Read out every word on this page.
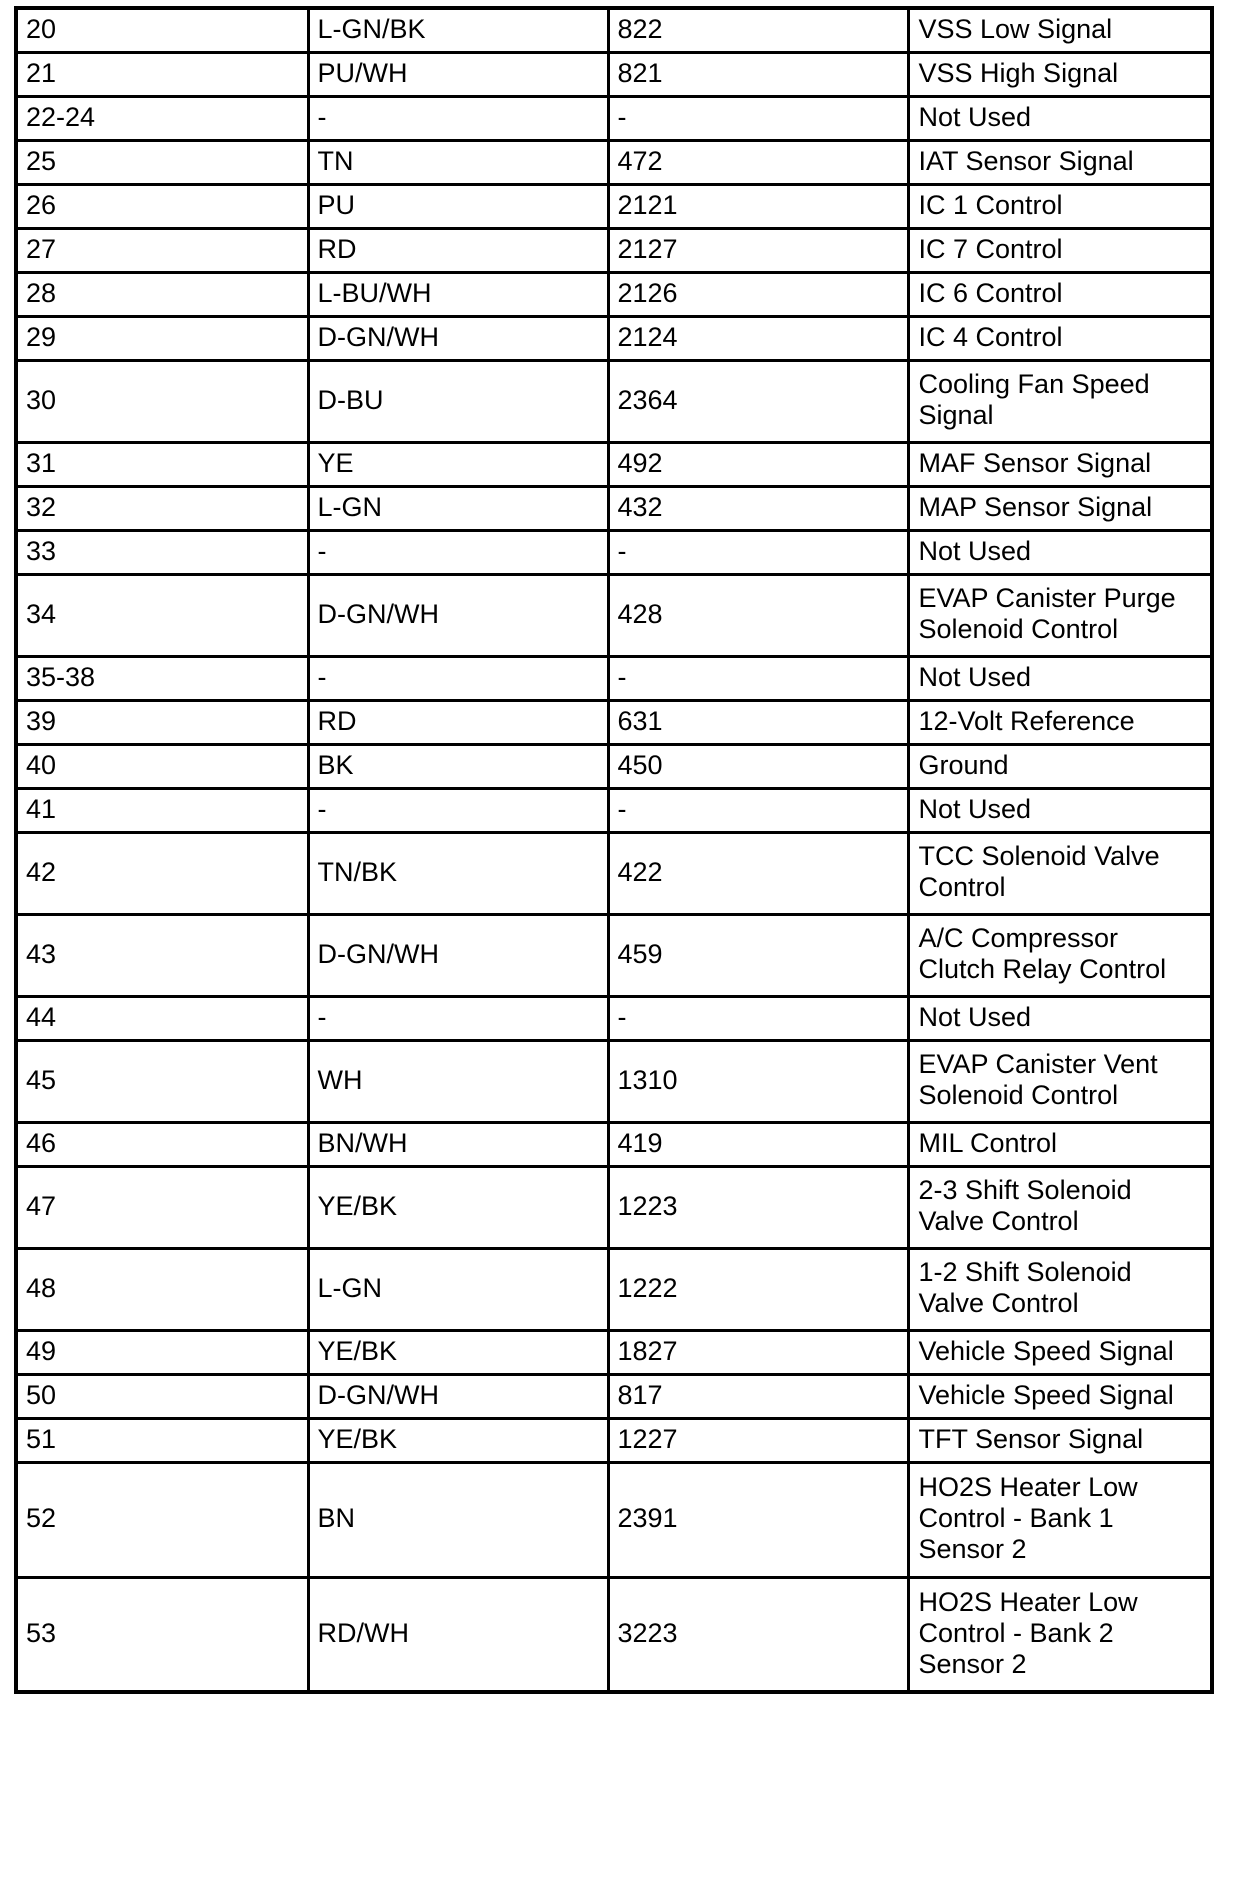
20	L-GN/BK	822	VSS Low Signal
21	PU/WH	821	VSS High Signal
22-24	-	-	Not Used
25	TN	472	IAT Sensor Signal
26	PU	2121	IC 1 Control
27	RD	2127	IC 7 Control
28	L-BU/WH	2126	IC 6 Control
29	D-GN/WH	2124	IC 4 Control
30	D-BU	2364	Cooling Fan Speed Signal
31	YE	492	MAF Sensor Signal
32	L-GN	432	MAP Sensor Signal
33	-	-	Not Used
34	D-GN/WH	428	EVAP Canister Purge Solenoid Control
35-38	-	-	Not Used
39	RD	631	12-Volt Reference
40	BK	450	Ground
41	-	-	Not Used
42	TN/BK	422	TCC Solenoid Valve Control
43	D-GN/WH	459	A/C Compressor Clutch Relay Control
44	-	-	Not Used
45	WH	1310	EVAP Canister Vent Solenoid Control
46	BN/WH	419	MIL Control
47	YE/BK	1223	2-3 Shift Solenoid Valve Control
48	L-GN	1222	1-2 Shift Solenoid Valve Control
49	YE/BK	1827	Vehicle Speed Signal
50	D-GN/WH	817	Vehicle Speed Signal
51	YE/BK	1227	TFT Sensor Signal
52	BN	2391	HO2S Heater Low Control - Bank 1 Sensor 2
53	RD/WH	3223	HO2S Heater Low Control - Bank 2 Sensor 2
